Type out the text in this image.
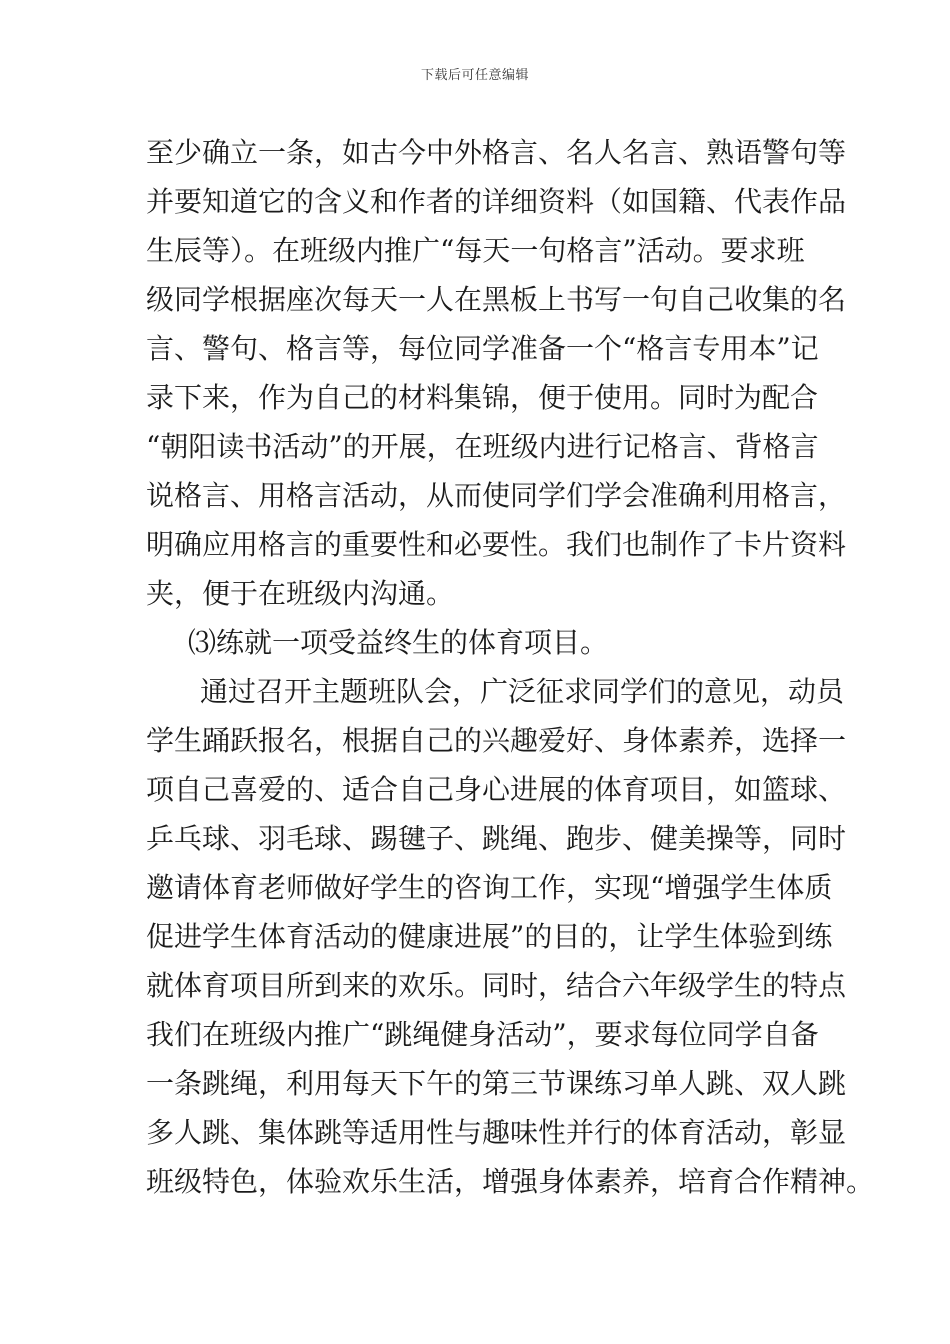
下载后可任意编辑
至少确立一条，如古今中外格言、名人名言、熟语警句等
并要知道它的含义和作者的详细资料（如国籍、代表作品
生辰等）。在班级内推广“每天一句格言”活动。要求班
级同学根据座次每天一人在黑板上书写一句自己收集的名
言、警句、格言等，每位同学准备一个“格言专用本”记
录下来，作为自己的材料集锦，便于使用。同时为配合
“朝阳读书活动”的开展，在班级内进行记格言、背格言
说格言、用格言活动，从而使同学们学会准确利用格言，
明确应用格言的重要性和必要性。我们也制作了卡片资料
夹，便于在班级内沟通。
⑶练就一项受益终生的体育项目。
通过召开主题班队会，广泛征求同学们的意见，动员
学生踊跃报名，根据自己的兴趣爱好、身体素养，选择一
项自己喜爱的、适合自己身心进展的体育项目，如篮球、
乒乓球、羽毛球、踢毽子、跳绳、跑步、健美操等，同时
邀请体育老师做好学生的咨询工作，实现“增强学生体质
促进学生体育活动的健康进展”的目的，让学生体验到练
就体育项目所到来的欢乐。同时，结合六年级学生的特点
我们在班级内推广“跳绳健身活动”，要求每位同学自备
一条跳绳，利用每天下午的第三节课练习单人跳、双人跳
多人跳、集体跳等适用性与趣味性并行的体育活动，彰显
班级特色，体验欢乐生活，增强身体素养，培育合作精神。
